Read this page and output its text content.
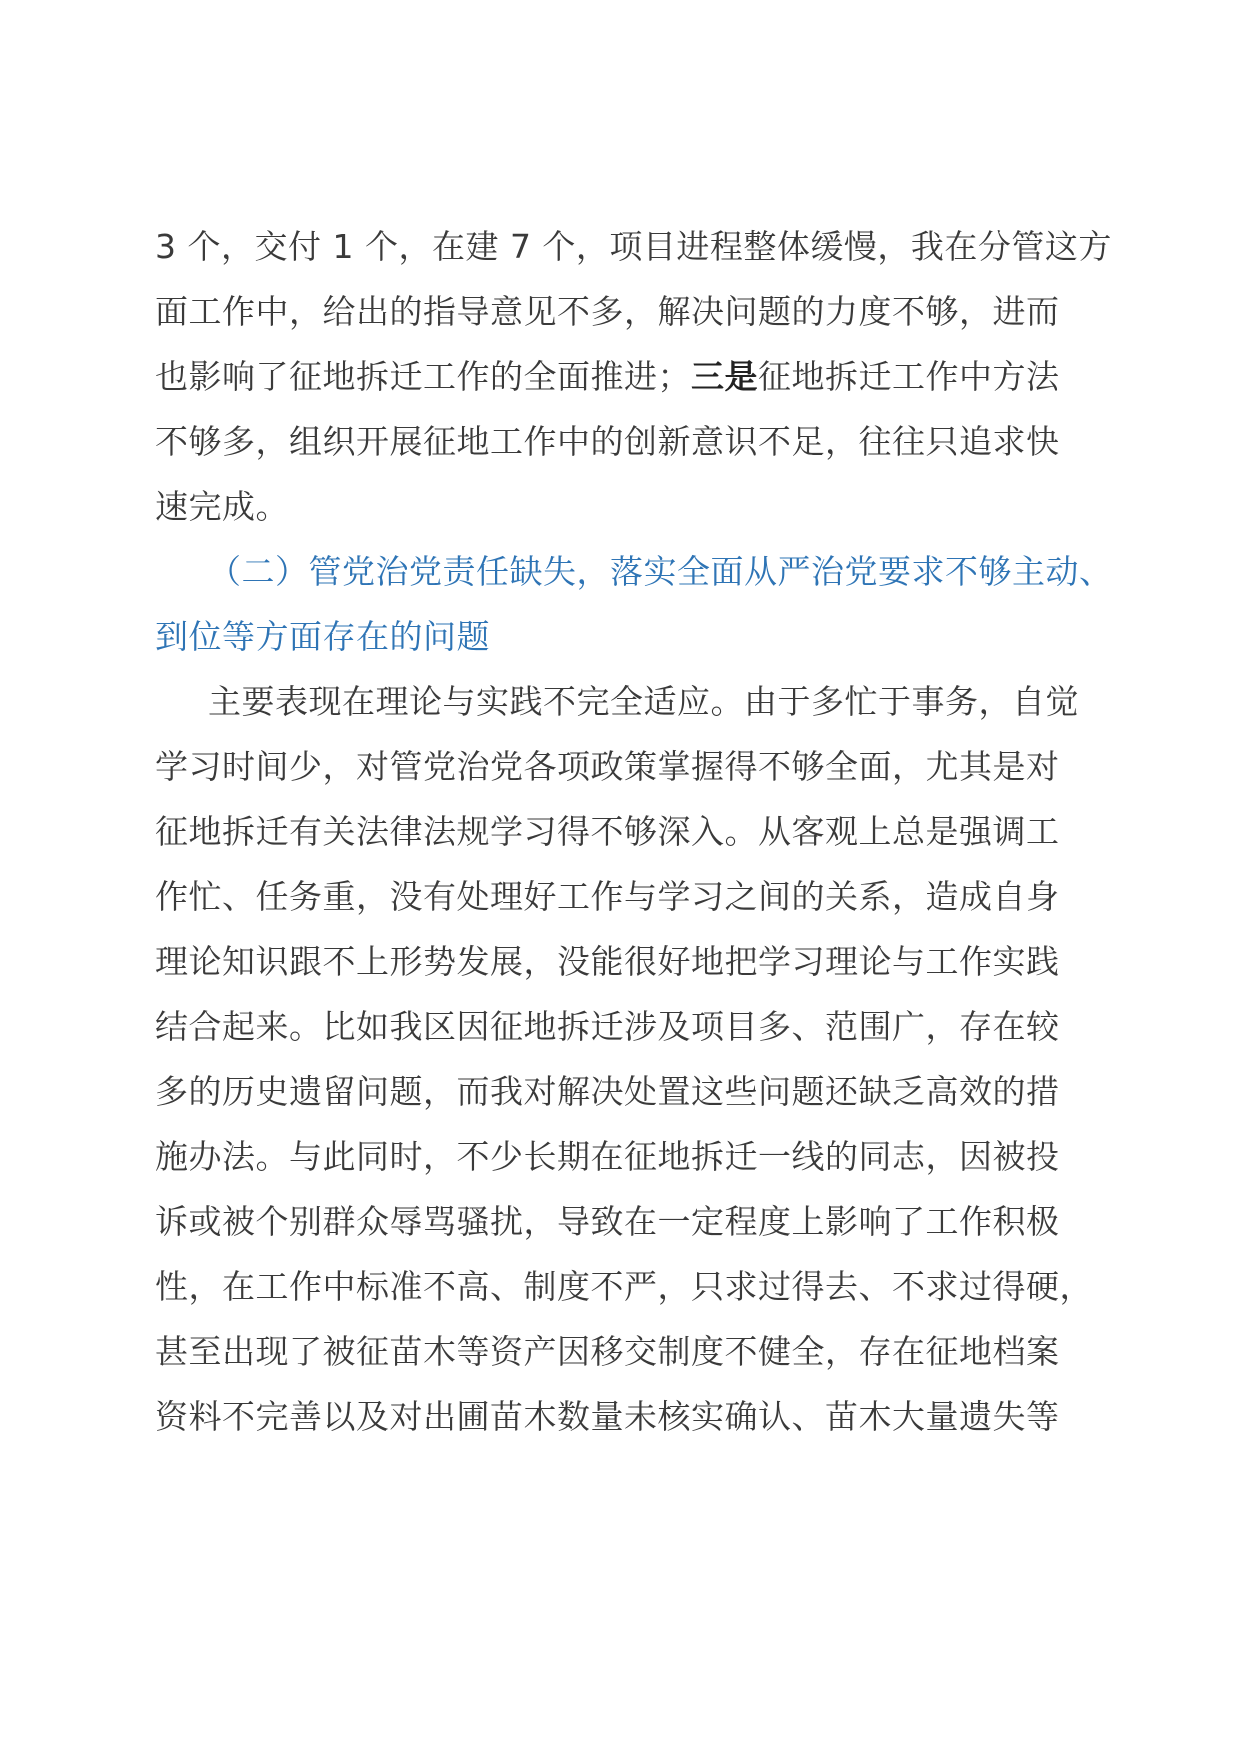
3 个，交付 1 个，在建 7 个，项目进程整体缓慢，我在分管这方
面工作中，给出的指导意见不多，解决问题的力度不够，进而
也影响了征地拆迁工作的全面推进；三是征地拆迁工作中方法
不够多，组织开展征地工作中的创新意识不足，往往只追求快
速完成。
（二）管党治党责任缺失，落实全面从严治党要求不够主动、
到位等方面存在的问题
主要表现在理论与实践不完全适应。由于多忙于事务，自觉
学习时间少，对管党治党各项政策掌握得不够全面，尤其是对
征地拆迁有关法律法规学习得不够深入。从客观上总是强调工
作忙、任务重，没有处理好工作与学习之间的关系，造成自身
理论知识跟不上形势发展，没能很好地把学习理论与工作实践
结合起来。比如我区因征地拆迁涉及项目多、范围广，存在较
多的历史遗留问题，而我对解决处置这些问题还缺乏高效的措
施办法。与此同时，不少长期在征地拆迁一线的同志，因被投
诉或被个别群众辱骂骚扰，导致在一定程度上影响了工作积极
性，在工作中标准不高、制度不严，只求过得去、不求过得硬，
甚至出现了被征苗木等资产因移交制度不健全，存在征地档案
资料不完善以及对出圃苗木数量未核实确认、苗木大量遗失等
